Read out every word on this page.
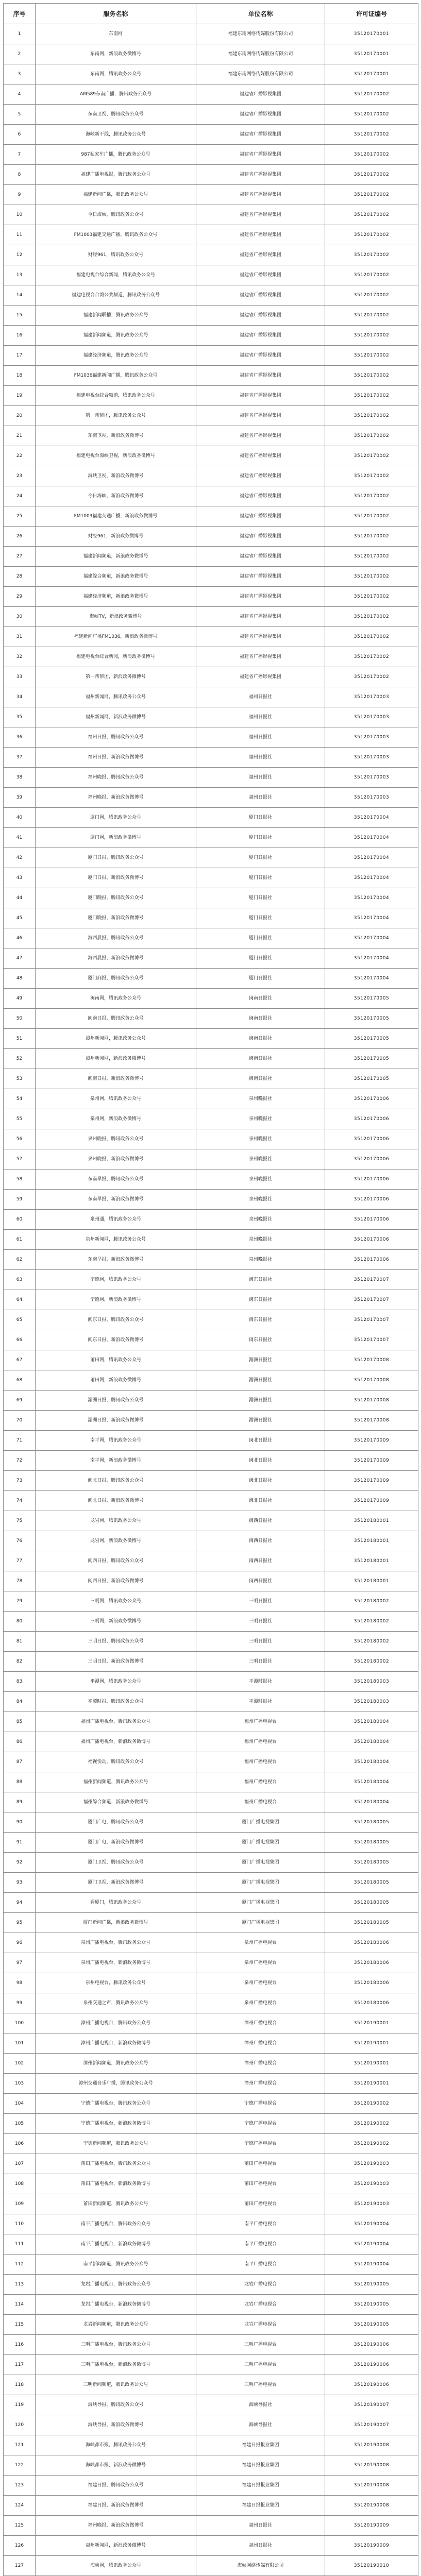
序号	服务名称	单位名称	许可证编号
1	东南网	福建东南网络传媒股份有限公司	35120170001
2	东南网，新浪政务微博号	福建东南网络传媒股份有限公司	35120170001
3	东南网，腾讯政务公众号	福建东南网络传媒股份有限公司	35120170001
4	AM589东南广播，腾讯政务公众号	福建省广播影视集团	35120170002
5	东南卫视，腾讯政务公众号	福建省广播影视集团	35120170002
6	海峡新干线，腾讯政务公众号	福建省广播影视集团	35120170002
7	987私家车广播，腾讯政务公众号	福建省广播影视集团	35120170002
8	福建广播电视报，腾讯政务公众号	福建省广播影视集团	35120170002
9	福建新闻广播，腾讯政务公众号	福建省广播影视集团	35120170002
10	今日海峡，腾讯政务公众号	福建省广播影视集团	35120170002
11	FM1003福建交通广播，腾讯政务公众号	福建省广播影视集团	35120170002
12	财经961，腾讯政务公众号	福建省广播影视集团	35120170002
13	福建电视台综合新闻，腾讯政务公众号	福建省广播影视集团	35120170002
14	福建电视台台湾公共频道，腾讯政务公众号	福建省广播影视集团	35120170002
15	福建新闻联播，腾讯政务公众号	福建省广播影视集团	35120170002
16	福建新闻频道，腾讯政务公众号	福建省广播影视集团	35120170002
17	福建经济频道，腾讯政务公众号	福建省广播影视集团	35120170002
18	FM1036福建新闻广播，腾讯政务公众号	福建省广播影视集团	35120170002
19	福建电视台综合频道，腾讯政务公众号	福建省广播影视集团	35120170002
20	第一帮帮团，腾讯政务公众号	福建省广播影视集团	35120170002
21	东南卫视，新浪政务微博号	福建省广播影视集团	35120170002
22	福建电视台海峡卫视，新浪政务微博号	福建省广播影视集团	35120170002
23	海峡卫视，新浪政务微博号	福建省广播影视集团	35120170002
24	今日海峡，新浪政务微博号	福建省广播影视集团	35120170002
25	FM1003福建交通广播，新浪政务微博号	福建省广播影视集团	35120170002
26	财经961，新浪政务微博号	福建省广播影视集团	35120170002
27	福建新闻频道，新浪政务微博号	福建省广播影视集团	35120170002
28	福建综合频道，新浪政务微博号	福建省广播影视集团	35120170002
29	福建经济频道，新浪政务微博号	福建省广播影视集团	35120170002
30	海峡TV，新浪政务微博号	福建省广播影视集团	35120170002
31	福建新闻广播FM1036，新浪政务微博号	福建省广播影视集团	35120170002
32	福建电视台综合新闻，新浪政务微博号	福建省广播影视集团	35120170002
33	第一帮帮团，新浪政务微博号	福建省广播影视集团	35120170002
34	福州新闻网，腾讯政务公众号	福州日报社	35120170003
35	福州新闻网，新浪政务微博号	福州日报社	35120170003
36	福州日报，腾讯政务公众号	福州日报社	35120170003
37	福州日报，新浪政务微博号	福州日报社	35120170003
38	福州晚报，腾讯政务公众号	福州日报社	35120170003
39	福州晚报，新浪政务微博号	福州日报社	35120170003
40	厦门网，腾讯政务公众号	厦门日报社	35120170004
41	厦门网，新浪政务微博号	厦门日报社	35120170004
42	厦门日报，腾讯政务公众号	厦门日报社	35120170004
43	厦门日报，新浪政务微博号	厦门日报社	35120170004
44	厦门晚报，腾讯政务公众号	厦门日报社	35120170004
45	厦门晚报，新浪政务微博号	厦门日报社	35120170004
46	海西晨报，腾讯政务公众号	厦门日报社	35120170004
47	海西晨报，新浪政务微博号	厦门日报社	35120170004
48	厦门商报，腾讯政务公众号	厦门日报社	35120170004
49	闽南网，腾讯政务公众号	闽南日报社	35120170005
50	闽南日报，腾讯政务公众号	闽南日报社	35120170005
51	漳州新闻网，腾讯政务公众号	闽南日报社	35120170005
52	漳州新闻网，新浪政务微博号	闽南日报社	35120170005
53	闽南日报，新浪政务微博号	闽南日报社	35120170005
54	泉州网，腾讯政务公众号	泉州晚报社	35120170006
55	泉州网，新浪政务微博号	泉州晚报社	35120170006
56	泉州晚报，腾讯政务公众号	泉州晚报社	35120170006
57	泉州晚报，新浪政务微博号	泉州晚报社	35120170006
58	东南早报，腾讯政务公众号	泉州晚报社	35120170006
59	东南早报，新浪政务微博号	泉州晚报社	35120170006
60	泉州通，腾讯政务公众号	泉州晚报社	35120170006
61	泉州新闻网，腾讯政务公众号	泉州晚报社	35120170006
62	东南早报，新浪政务微博号	泉州晚报社	35120170006
63	宁德网，腾讯政务公众号	闽东日报社	35120170007
64	宁德网，新浪政务微博号	闽东日报社	35120170007
65	闽东日报，腾讯政务公众号	闽东日报社	35120170007
66	闽东日报，新浪政务微博号	闽东日报社	35120170007
67	莆田网，腾讯政务公众号	湄洲日报社	35120170008
68	莆田网，新浪政务微博号	湄洲日报社	35120170008
69	湄洲日报，腾讯政务公众号	湄洲日报社	35120170008
70	湄洲日报，新浪政务微博号	湄洲日报社	35120170008
71	南平网，腾讯政务公众号	闽北日报社	35120170009
72	南平网，新浪政务微博号	闽北日报社	35120170009
73	闽北日报，腾讯政务公众号	闽北日报社	35120170009
74	闽北日报，新浪政务微博号	闽北日报社	35120170009
75	龙岩网，腾讯政务公众号	闽西日报社	35120180001
76	龙岩网，新浪政务微博号	闽西日报社	35120180001
77	闽西日报，腾讯政务公众号	闽西日报社	35120180001
78	闽西日报，新浪政务微博号	闽西日报社	35120180001
79	三明网，腾讯政务公众号	三明日报社	35120180002
80	三明网，新浪政务微博号	三明日报社	35120180002
81	三明日报，腾讯政务公众号	三明日报社	35120180002
82	三明日报，新浪政务微博号	三明日报社	35120180002
83	平潭网，腾讯政务公众号	平潭时报社	35120180003
84	平潭时报，腾讯政务公众号	平潭时报社	35120180003
85	福州广播电视台，腾讯政务公众号	福州广播电视台	35120180004
86	福州广播电视台，新浪政务微博号	福州广播电视台	35120180004
87	福视悦动，腾讯政务公众号	福州广播电视台	35120180004
88	福州新闻频道，腾讯政务公众号	福州广播电视台	35120180004
89	福州综合频道，新浪政务微博号	福州广播电视台	35120180004
90	厦门广电，腾讯政务公众号	厦门广播电视集团	35120180005
91	厦门广电，新浪政务微博号	厦门广播电视集团	35120180005
92	厦门卫视，腾讯政务公众号	厦门广播电视集团	35120180005
93	厦门卫视，新浪政务微博号	厦门广播电视集团	35120180005
94	看厦门，腾讯政务公众号	厦门广播电视集团	35120180005
95	厦门新闻广播，新浪政务微博号	厦门广播电视集团	35120180005
96	泉州广播电视台，腾讯政务公众号	泉州广播电视台	35120180006
97	泉州广播电视台，新浪政务微博号	泉州广播电视台	35120180006
98	泉州电视台，腾讯政务公众号	泉州广播电视台	35120180006
99	泉州交通之声，腾讯政务公众号	泉州广播电视台	35120180006
100	漳州广播电视台，腾讯政务公众号	漳州广播电视台	35120190001
101	漳州广播电视台，新浪政务微博号	漳州广播电视台	35120190001
102	漳州新闻频道，腾讯政务公众号	漳州广播电视台	35120190001
103	漳州交通音乐广播，腾讯政务公众号	漳州广播电视台	35120190001
104	宁德广播电视台，腾讯政务公众号	宁德广播电视台	35120190002
105	宁德广播电视台，新浪政务微博号	宁德广播电视台	35120190002
106	宁德新闻频道，腾讯政务公众号	宁德广播电视台	35120190002
107	莆田广播电视台，腾讯政务公众号	莆田广播电视台	35120190003
108	莆田广播电视台，新浪政务微博号	莆田广播电视台	35120190003
109	莆田新闻频道，腾讯政务公众号	莆田广播电视台	35120190003
110	南平广播电视台，腾讯政务公众号	南平广播电视台	35120190004
111	南平广播电视台，新浪政务微博号	南平广播电视台	35120190004
112	南平新闻频道，腾讯政务公众号	南平广播电视台	35120190004
113	龙岩广播电视台，腾讯政务公众号	龙岩广播电视台	35120190005
114	龙岩广播电视台，新浪政务微博号	龙岩广播电视台	35120190005
115	龙岩新闻频道，腾讯政务公众号	龙岩广播电视台	35120190005
116	三明广播电视台，腾讯政务公众号	三明广播电视台	35120190006
117	三明广播电视台，新浪政务微博号	三明广播电视台	35120190006
118	三明新闻频道，腾讯政务公众号	三明广播电视台	35120190006
119	海峡导报，腾讯政务公众号	海峡导报社	35120190007
120	海峡导报，新浪政务微博号	海峡导报社	35120190007
121	海峡都市报，腾讯政务公众号	福建日报报业集团	35120190008
122	海峡都市报，新浪政务微博号	福建日报报业集团	35120190008
123	福建日报，腾讯政务公众号	福建日报报业集团	35120190008
124	福建日报，新浪政务微博号	福建日报报业集团	35120190008
125	福州晚报，新浪政务微博号	福州日报社	35120190009
126	福州新闻网，新浪政务微博号	福州日报社	35120190009
127	海峡网，腾讯政务公众号	海峡网络传媒有限公司	35120190010
